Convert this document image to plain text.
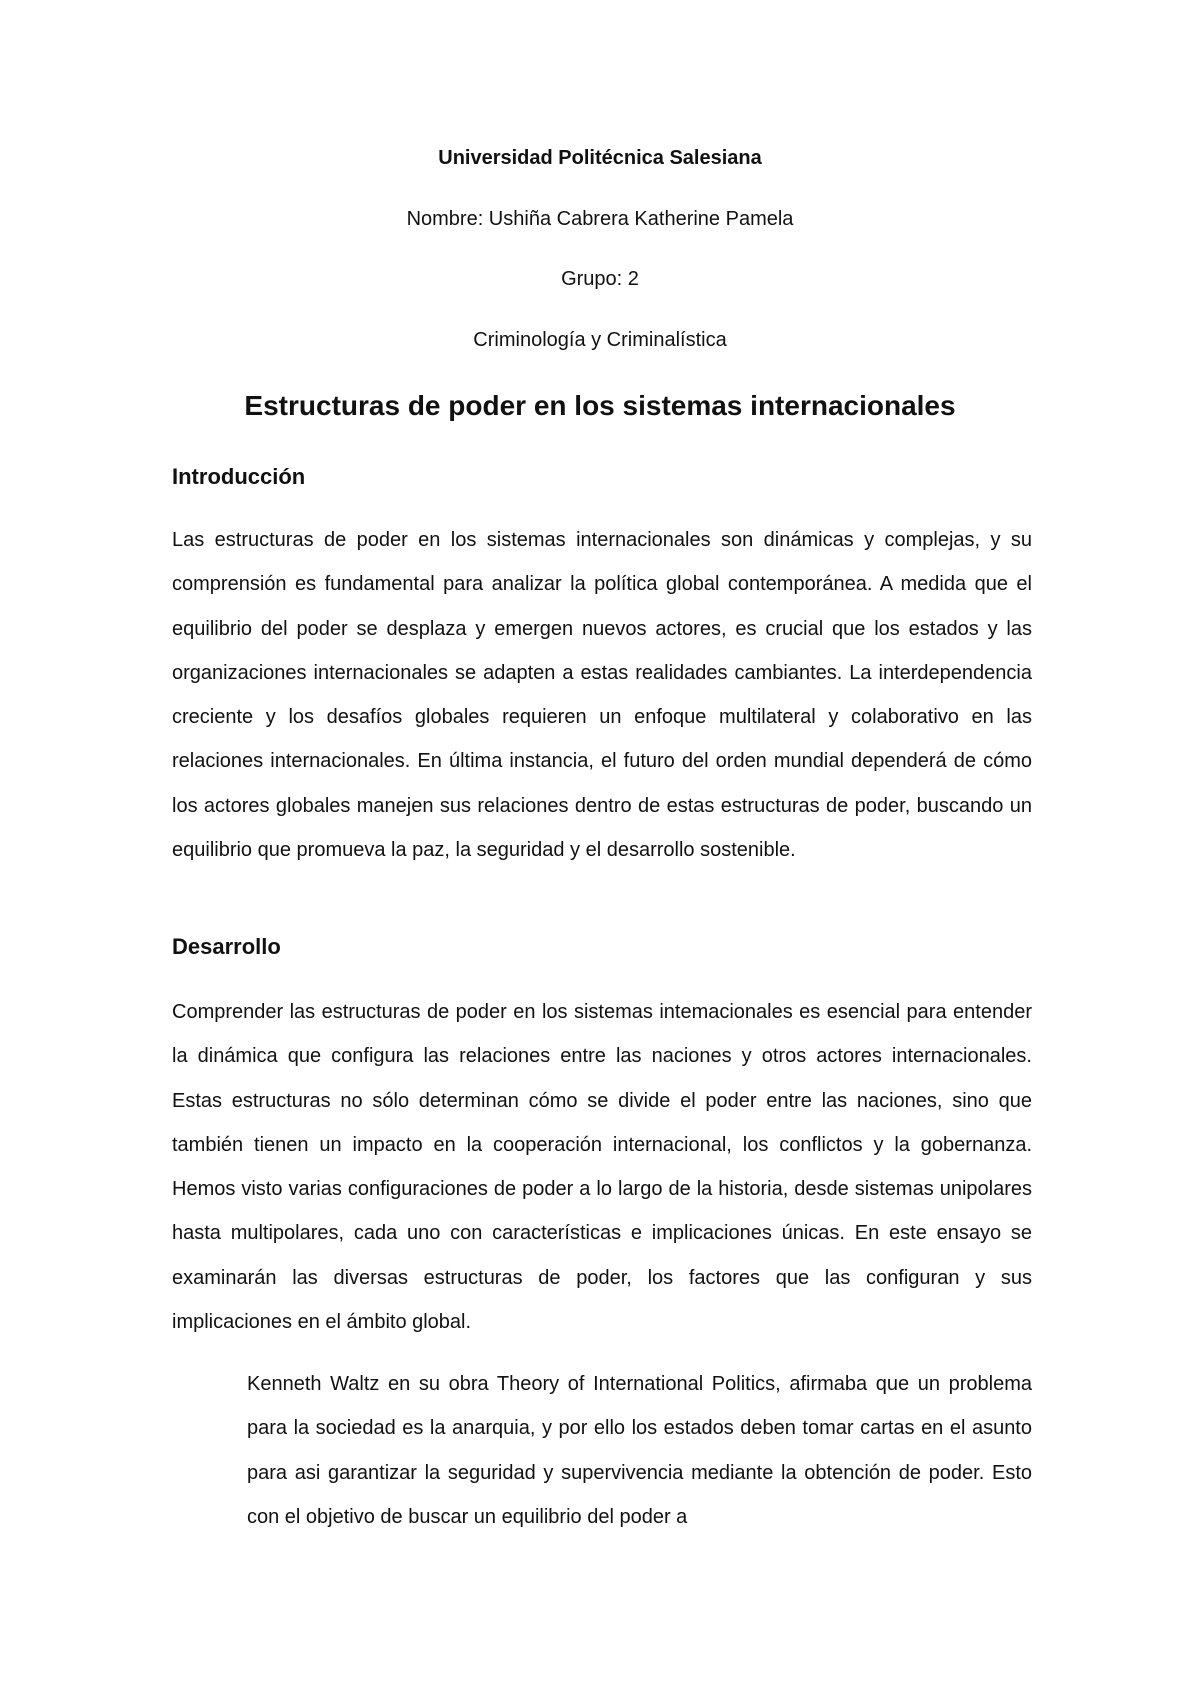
Universidad Politécnica Salesiana
Nombre: Ushiña Cabrera Katherine Pamela
Grupo: 2
Criminología y Criminalística
Estructuras de poder en los sistemas internacionales
Introducción

Las estructuras de poder en los sistemas internacionales son dinámicas y complejas, y su comprensión es fundamental para analizar la política global contemporánea. A medida que el equilibrio del poder se desplaza y emergen nuevos actores, es crucial que los estados y las organizaciones internacionales se adapten a estas realidades cambiantes. La interdependencia creciente y los desafíos globales requieren un enfoque multilateral y colaborativo en las relaciones internacionales. En última instancia, el futuro del orden mundial dependerá de cómo los actores globales manejen sus relaciones dentro de estas estructuras de poder, buscando un equilibrio que promueva la paz, la seguridad y el desarrollo sostenible.

Desarrollo

Comprender las estructuras de poder en los sistemas intemacionales es esencial para entender la dinámica que configura las relaciones entre las naciones y otros actores internacionales. Estas estructuras no sólo determinan cómo se divide el poder entre las naciones, sino que también tienen un impacto en la cooperación internacional, los conflictos y la gobernanza. Hemos visto varias configuraciones de poder a lo largo de la historia, desde sistemas unipolares hasta multipolares, cada uno con características e implicaciones únicas. En este ensayo se examinarán las diversas estructuras de poder, los factores que las configuran y sus implicaciones en el ámbito global.

Kenneth Waltz en su obra Theory of International Politics, afirmaba que un problema para la sociedad es la anarquia, y por ello los estados deben tomar cartas en el asunto para asi garantizar la seguridad y supervivencia mediante la obtención de poder. Esto con el objetivo de buscar un equilibrio del poder a
